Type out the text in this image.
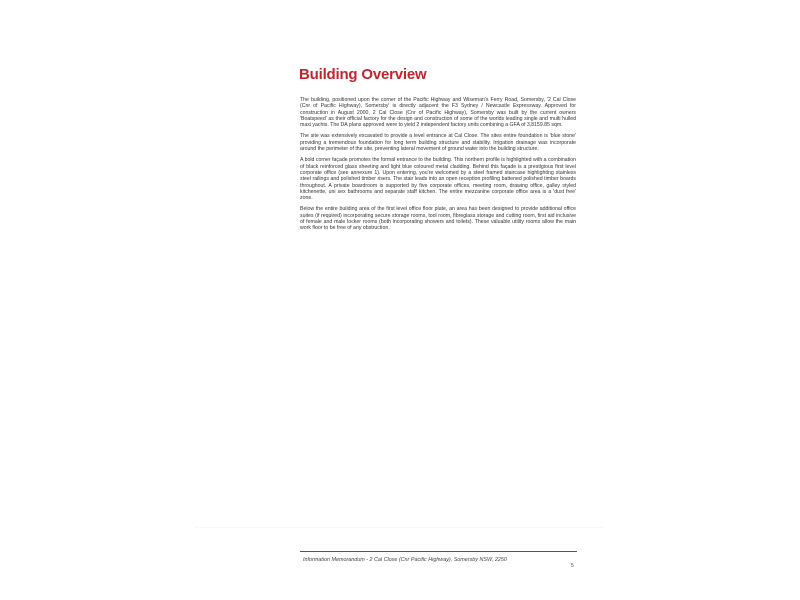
Building Overview

The building, positioned upon the corner of the Pacific Highway and Wiseman's Ferry Road, Somersby, '2 Cal Close (Cnr of Pacific Highway), Somersby' is directly adjacent the F3 Sydney / Newcastle Expressway. Approved for construction in August 2000, 2 Cal Close (Cnr of Pacific Highway), Somersby was built by the current owners 'Boatspeed' as their official factory for the design and construction of some of the worlds leading single and multi hulled maxi yachts. The DA plans approved were to yield 2 independent factory units combining a GFA of 3,8159.85 sqm.

The site was extensively excavated to provide a level entrance at Cal Close. The sites entire foundation is 'blue stone' providing a tremendous foundation for long term building structure and stability. Irrigation drainage was incorporate around the perimeter of the site, preventing lateral movement of ground water into the building structure.

A bold corner façade promotes the formal entrance to the building. This northern profile is highlighted with a combination of black reinforced glass sheeting and light blue coloured metal cladding. Behind this façade is a prestigious first level corporate office (see annexure 1). Upon entering, you're welcomed by a steel framed staircase highlighting stainless steel railings and polished timber risers. The stair leads into an open reception profiling battened polished timber boards throughout. A private boardroom is supported by five corporate offices, meeting room, drawing office, galley styled kitchenette, uni sex bathrooms and separate staff kitchen. The entire mezzanine corporate office area is a 'dust free' zone.

Below the entire building area of the first level office floor plate, an area has been designed to provide additional office suites (if required) incorporating secure storage rooms, tool room, fibreglass storage and cutting room, first aid inclusive of female and male locker rooms (both incorporating showers and toilets). These valuable utility rooms allow the main work floor to be free of any obstruction.

Information Memorandum - 2 Cal Close (Cnr Pacific Highway), Somersby NSW, 2250
5
